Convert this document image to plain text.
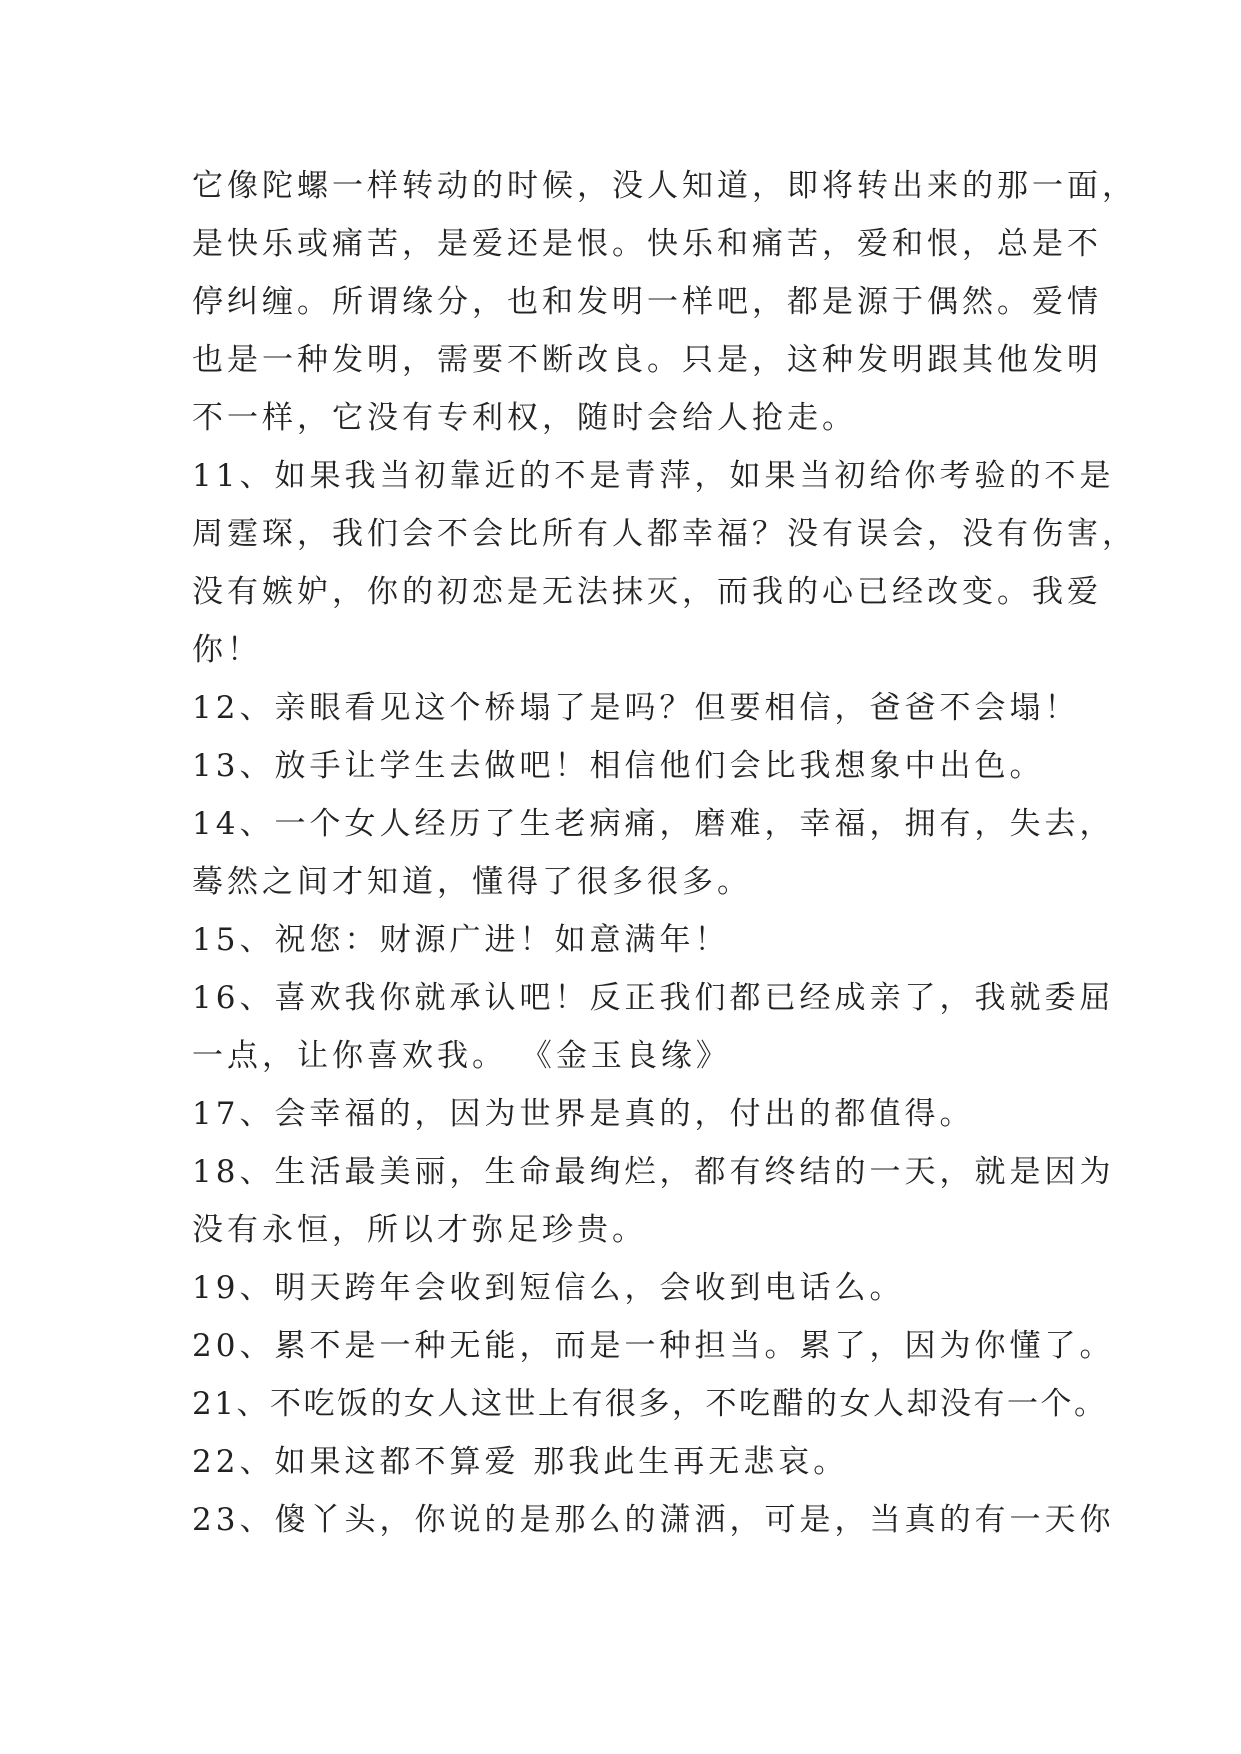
它像陀螺一样转动的时候，没人知道，即将转出来的那一面，
是快乐或痛苦，是爱还是恨。快乐和痛苦，爱和恨，总是不
停纠缠。所谓缘分，也和发明一样吧，都是源于偶然。爱情
也是一种发明，需要不断改良。只是，这种发明跟其他发明
不一样，它没有专利权，随时会给人抢走。
11、如果我当初靠近的不是青萍，如果当初给你考验的不是
周霆琛，我们会不会比所有人都幸福？没有误会，没有伤害，
没有嫉妒，你的初恋是无法抹灭，而我的心已经改变。我爱
你！
12、亲眼看见这个桥塌了是吗？但要相信，爸爸不会塌！
13、放手让学生去做吧！相信他们会比我想象中出色。
14、一个女人经历了生老病痛，磨难，幸福，拥有，失去，
蓦然之间才知道，懂得了很多很多。
15、祝您：财源广进！如意满年！
16、喜欢我你就承认吧！反正我们都已经成亲了，我就委屈
一点，让你喜欢我。 《金玉良缘》
17、会幸福的，因为世界是真的，付出的都值得。
18、生活最美丽，生命最绚烂，都有终结的一天，就是因为
没有永恒，所以才弥足珍贵。
19、明天跨年会收到短信么，会收到电话么。
20、累不是一种无能，而是一种担当。累了，因为你懂了。
21、不吃饭的女人这世上有很多，不吃醋的女人却没有一个。
22、如果这都不算爱 那我此生再无悲哀。
23、傻丫头，你说的是那么的潇洒，可是，当真的有一天你
